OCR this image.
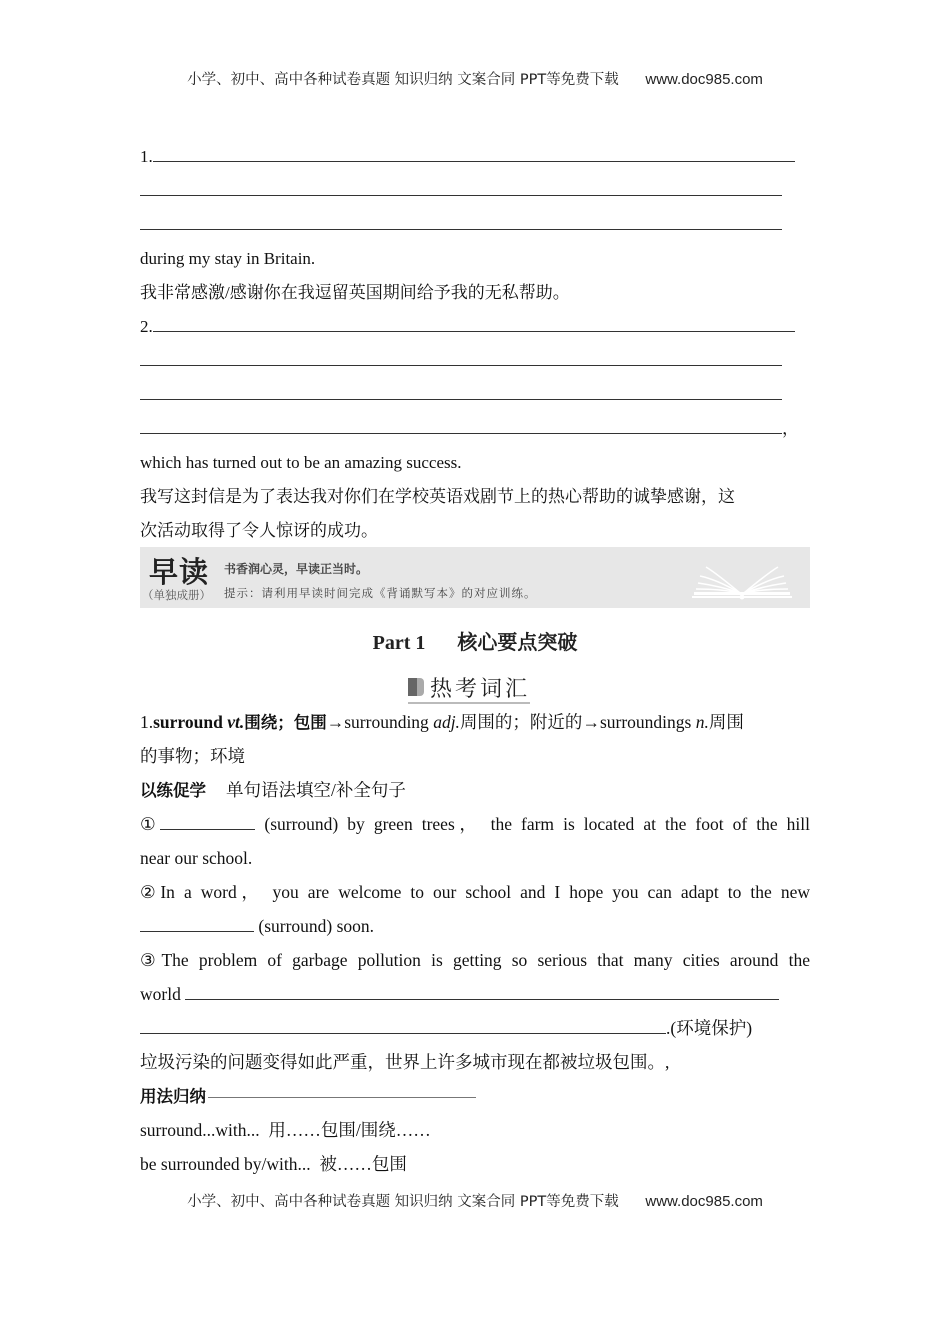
小学、初中、高中各种试卷真题 知识归纳 文案合同 PPT等免费下载 www.doc985.com
1.
during my stay in Britain.
我非常感激/感谢你在我逗留英国期间给予我的无私帮助。
2.
，
which has turned out to be an amazing success.
我写这封信是为了表达我对你们在学校英语戏剧节上的热心帮助的诚挚感谢，这
次活动取得了令人惊讶的成功。
早读
（单独成册）
书香润心灵，早读正当时。
提示：请利用早读时间完成《背诵默写本》的对应训练。
Part 1 核心要点突破
热考词汇
1.surround vt.围绕；包围→surrounding adj.周围的；附近的→surroundings n.周围
的事物；环境
以练促学 单句语法填空/补全句子
①	(surround) by green trees， the farm is located at the foot of the hill
near our school.
②In a word， you are welcome to our school and I hope you can adapt to the new
(surround) soon.
③The problem of garbage pollution is getting so serious that many cities around the
world
.(环境保护)
垃圾污染的问题变得如此严重，世界上许多城市现在都被垃圾包围。,
用法归纳
surround...with... 用……包围/围绕……
be surrounded by/with... 被……包围
小学、初中、高中各种试卷真题 知识归纳 文案合同 PPT等免费下载 www.doc985.com
